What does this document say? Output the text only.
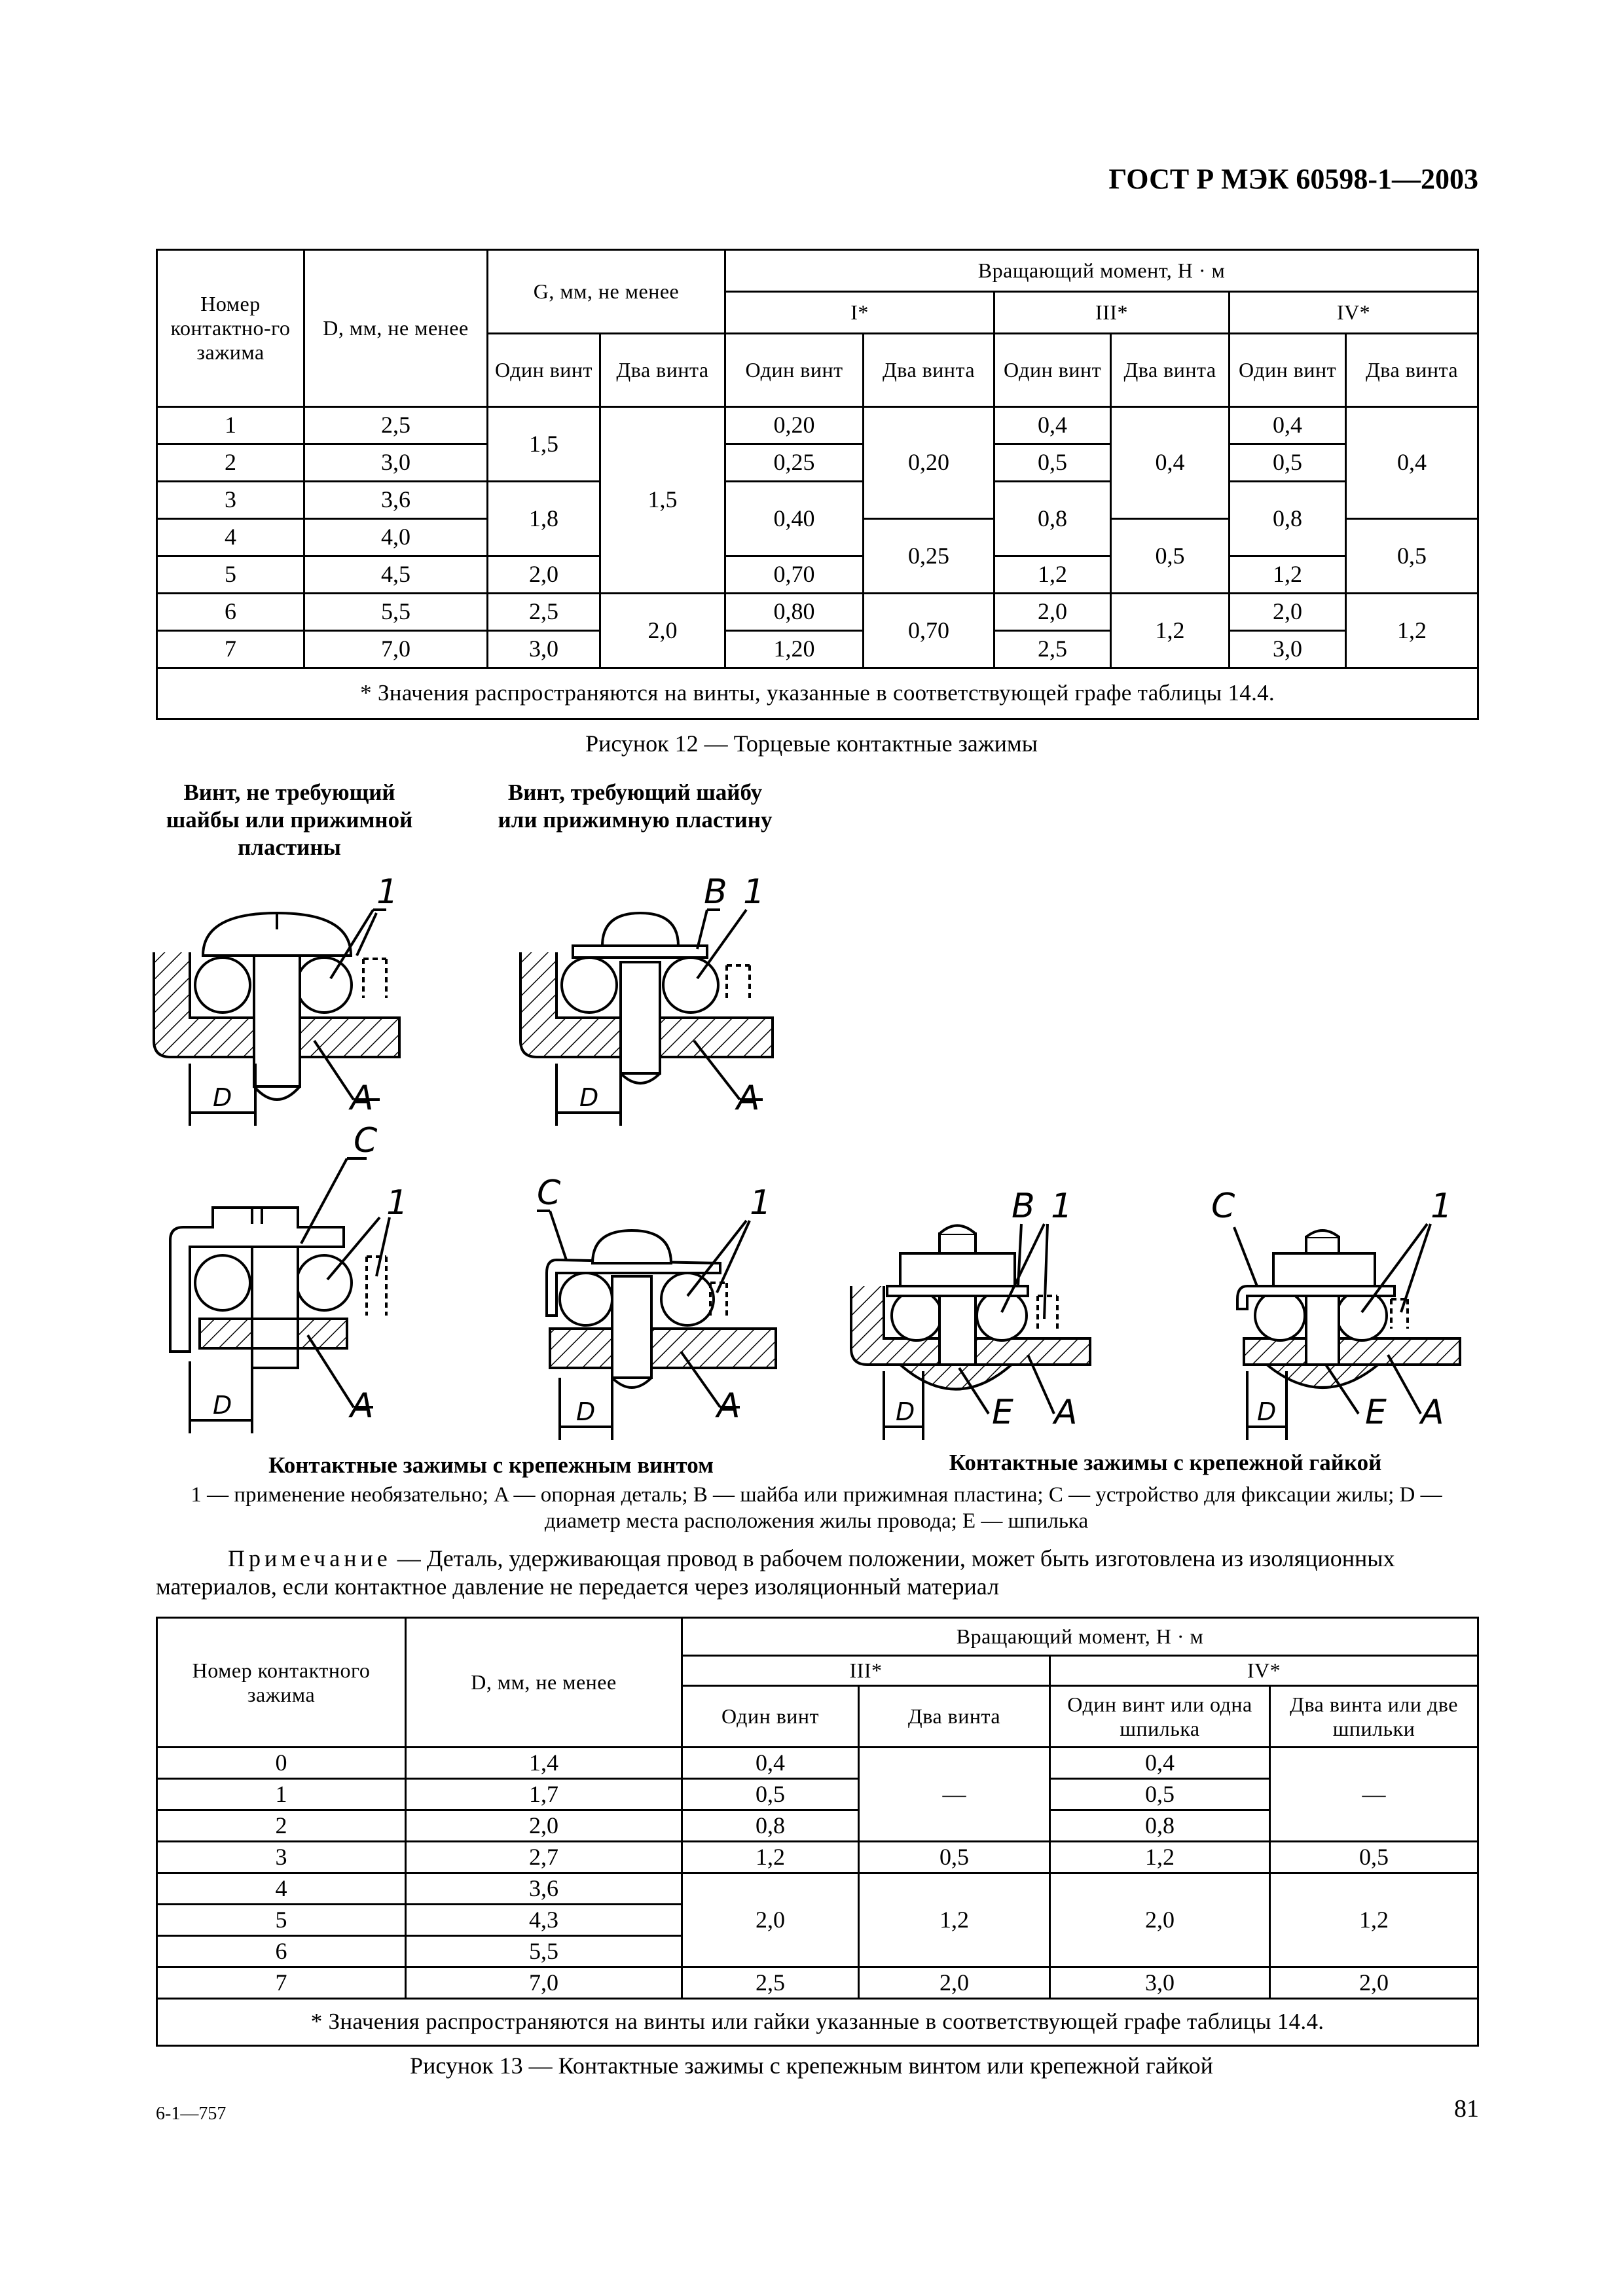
ГОСТ Р МЭК 60598-1—2003
Номер контактно-го зажима	D, мм, не менее	G, мм, не менее		Вращающий момент, Н · м					
				I*		III*		IV*	
		Один винт	Два винта	Один винт	Два винта	Один винт	Два винта	Один винт	Два винта
1	2,5	1,5	1,5	0,20	0,20	0,4	0,4	0,4	0,4
2	3,0			0,25		0,5		0,5	
3	3,6	1,8		0,40		0,8		0,8	
4	4,0				0,25		0,5		0,5
5	4,5	2,0		0,70		1,2		1,2	
6	5,5	2,5	2,0	0,80	0,70	2,0	1,2	2,0	1,2
7	7,0	3,0		1,20		2,5		3,0	
* Значения распространяются на винты, указанные в соответствующей графе таблицы 14.4.									
Рисунок 12 — Торцевые контактные зажимы
Винт, не требующий шайбы или прижимной пластины
Винт, требующий шайбу или прижимную пластину
1
A
D
B 1
A
D
C
1
A
D
C	1
A
D
B 1
E A
D
C	1
E A
D
Контактные зажимы с крепежным винтом	Контактные зажимы с крепежной гайкой
1 — применение необязательно; A — опорная деталь; B — шайба или прижимная пластина; C — устройство для фиксации жилы; D — диаметр места расположения жилы провода; E — шпилька
Примечание — Деталь, удерживающая провод в рабочем положении, может быть изготовлена из изоляционных материалов, если контактное давление не передается через изоляционный материал
Номер контактного зажима	D, мм, не менее	Вращающий момент, Н · м			
		III*		IV*	
		Один винт	Два винта	Один винт или одна шпилька	Два винта или две шпильки
0	1,4	0,4	—	0,4	—
1	1,7	0,5		0,5	
2	2,0	0,8		0,8	
3	2,7	1,2	0,5	1,2	0,5
4	3,6	2,0	1,2	2,0	1,2
5	4,3				
6	5,5				
7	7,0	2,5	2,0	3,0	2,0
* Значения распространяются на винты или гайки указанные в соответствующей графе таблицы 14.4.					
Рисунок 13 — Контактные зажимы с крепежным винтом или крепежной гайкой
6-1—757	81
